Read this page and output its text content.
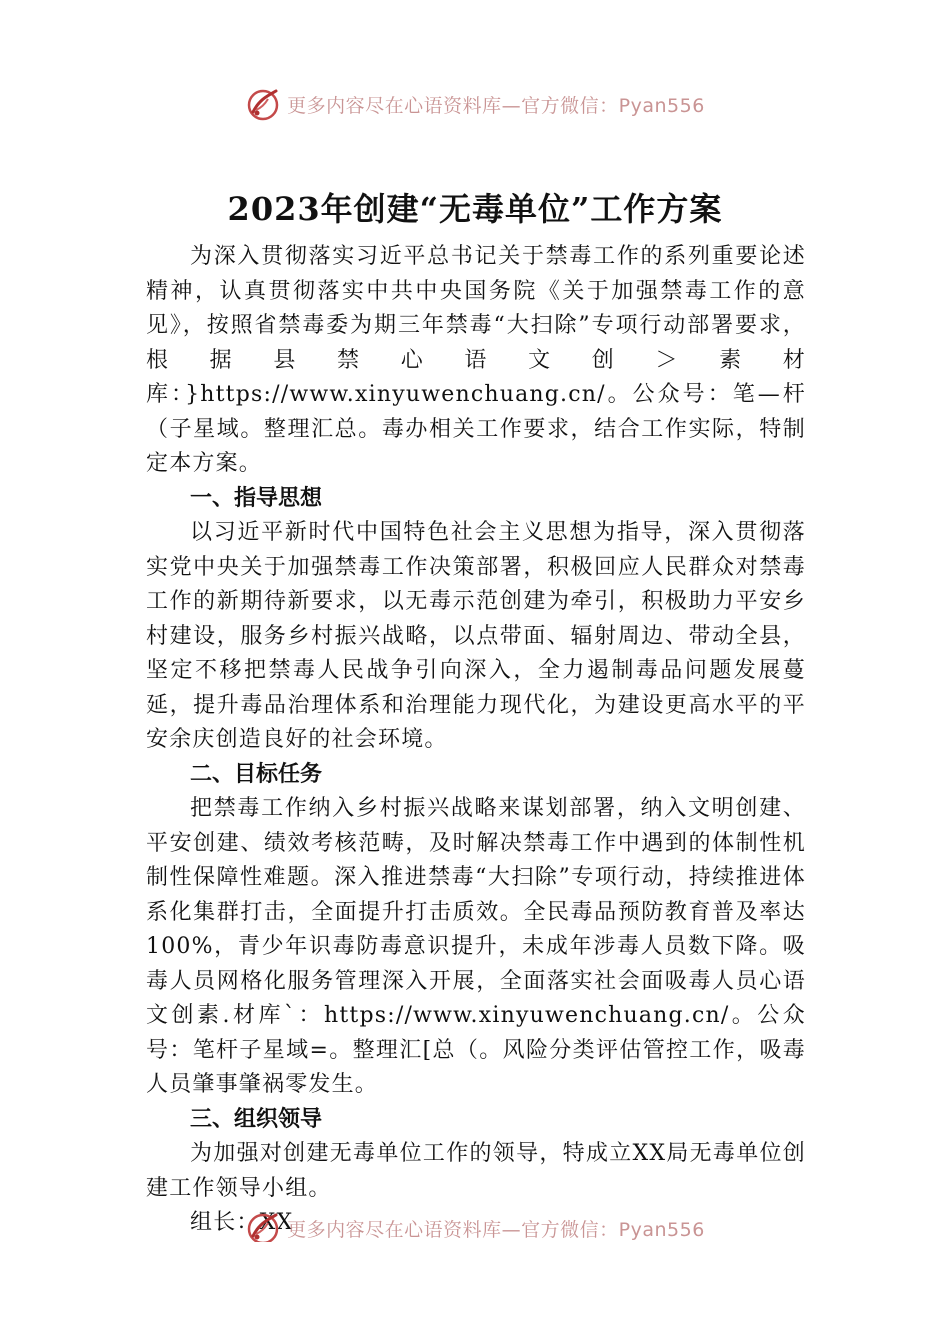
更多内容尽在心语资料库—官方微信：Pyan556
2023年创建“无毒单位”工作方案

为深入贯彻落实习近平总书记关于禁毒工作的系列重要论述精神，认真贯彻落实中共中央国务院《关于加强禁毒工作的意见》，按照省禁毒委为期三年禁毒“大扫除”专项行动部署要求，根据县禁心语文创＞素材库：}https://www.xinyuwenchuang.cn/。公众号：笔—杆（子星域。整理汇总。毒办相关工作要求，结合工作实际，特制定本方案。

一、指导思想

以习近平新时代中国特色社会主义思想为指导，深入贯彻落实党中央关于加强禁毒工作决策部署，积极回应人民群众对禁毒工作的新期待新要求，以无毒示范创建为牵引，积极助力平安乡村建设，服务乡村振兴战略，以点带面、辐射周边、带动全县，坚定不移把禁毒人民战争引向深入，全力遏制毒品问题发展蔓延，提升毒品治理体系和治理能力现代化，为建设更高水平的平安余庆创造良好的社会环境。

二、目标任务

把禁毒工作纳入乡村振兴战略来谋划部署，纳入文明创建、平安创建、绩效考核范畴，及时解决禁毒工作中遇到的体制性机制性保障性难题。深入推进禁毒“大扫除”专项行动，持续推进体系化集群打击，全面提升打击质效。全民毒品预防教育普及率达100%，青少年识毒防毒意识提升，未成年涉毒人员数下降。吸毒人员网格化服务管理深入开展，全面落实社会面吸毒人员心语文创素.材库`：https://www.xinyuwenchuang.cn/。公众号：笔杆子星域=。整理汇[总（。风险分类评估管控工作，吸毒人员肇事肇祸零发生。

三、组织领导

为加强对创建无毒单位工作的领导，特成立XX局无毒单位创建工作领导小组。

组长：XX

更多内容尽在心语资料库—官方微信：Pyan556
